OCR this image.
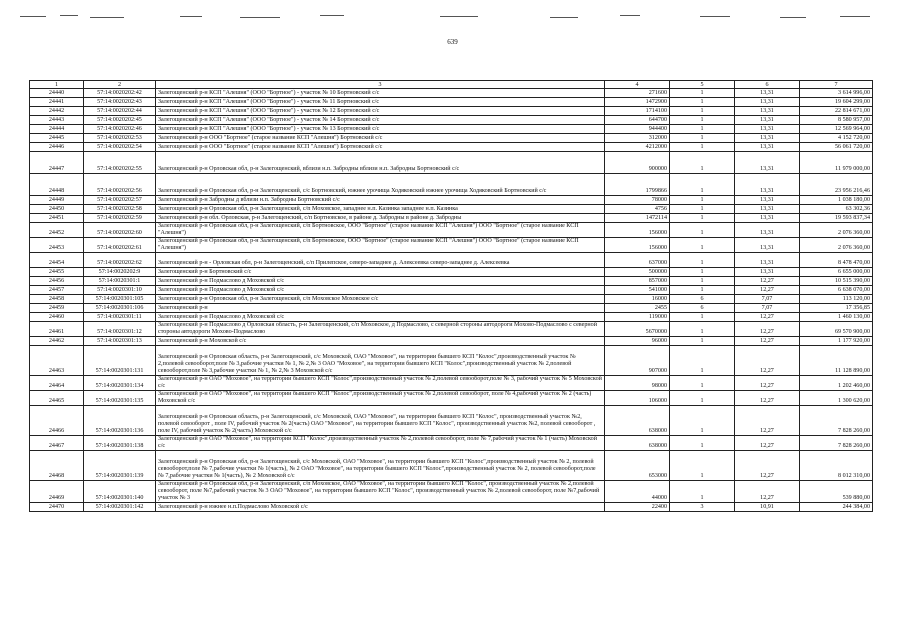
639
1	2	3	4	5	6	7
24440	57:14:0020202:42	Залегощенский р-н КСП "Алешня" (ООО "Бортное") - участок № 10 Бортновский с/с	271600	1	13,31	3 614 996,00
24441	57:14:0020202:43	Залегощенский р-н КСП "Алешня" (ООО "Бортное") - участок № 11 Бортновский с/с	1472900	1	13,31	19 604 299,00
24442	57:14:0020202:44	Залегощенский р-н КСП "Алешня" (ООО "Бортное") - участок № 12 Бортновский с/с	1714100	1	13,31	22 814 671,00
24443	57:14:0020202:45	Залегощенский р-н КСП "Алешня" (ООО "Бортное") - участок № 14 Бортновский с/с	644700	1	13,31	8 580 957,00
24444	57:14:0020202:46	Залегощенский р-н КСП "Алешня" (ООО "Бортное") - участок № 13 Бортновский с/с	944400	1	13,31	12 569 964,00
24445	57:14:0020202:53	Залегощенский р-н ООО "Бортное" (старое название КСП "Алешня") Бортновский с/с	312000	1	13,31	4 152 720,00
24446	57:14:0020202:54	Залегощенский р-н ООО "Бортное" (старое название КСП "Алешня") Бортновский с/с	4212000	1	13,31	56 061 720,00
24447	57:14:0020202:55	Залегощенский р-н Орловская обл, р-н Залегощенский, вблизи н.п. Забродны вблизи н.п. Забродны Бортновский с/с	900000	1	13,31	11 979 000,00
24448	57:14:0020202:56	Залегощенский р-н Орловская обл, р-н Залегощенский, с/с Бортновский, южнее урочища Ходяковский южнее урочища Ходяковский Бортновский с/с	1799866	1	13,31	23 956 216,46
24449	57:14:0020202:57	Залегощенский р-н Забродны д вблизи н.п. Забродны Бортновский с/с	78000	1	13,31	1 038 180,00
24450	57:14:0020202:58	Залегощенский р-н Орловская обл, р-н Залегощенский, с/п Моховское, западнее н.п. Казинка западнее н.п. Казинка	4756	1	13,31	63 302,36
24451	57:14:0020202:59	Залегощенский р-н обл. Орловская, р-н Залегощенский, с/п Бортновское, в районе д. Забродны в районе д. Забродны	1472114	1	13,31	19 593 837,34
24452	57:14:0020202:60	Залегощенский р-н Орловская обл, р-н Залегощенский, с/п Бортновское, ООО "Бортное" (старое название КСП "Алешня") ООО "Бортное" (старое название КСП "Алешня")	156000	1	13,31	2 076 360,00
24453	57:14:0020202:61	Залегощенский р-н Орловская обл, р-н Залегощенский, с/п Бортновское, ООО "Бортное" (старое название КСП "Алешня") ООО "Бортное" (старое название КСП "Алешня")	156000	1	13,31	2 076 360,00
24454	57:14:0020202:62	Залегощенский р-н - Орловская обл, р-н Залегощенский, с/п Прилепское, северо-западнее д. Алексеевка северо-западнее д. Алексеевка	637000	1	13,31	8 478 470,00
24455	57:14:0020202:9	Залегощенский р-н Бортновский с/с	500000	1	13,31	6 655 000,00
24456	57:14:0020301:1	Залегощенский р-н Подмаслово д Моховской с/с	857000	1	12,27	10 515 390,00
24457	57:14:0020301:10	Залегощенский р-н Подмаслово д Моховской с/с	541000	1	12,27	6 638 070,00
24458	57:14:0020301:105	Залегощенский р-н Орловская обл, р-н Залегощенский, с/п Моховское Моховское с/с	16000	6	7,07	113 120,00
24459	57:14:0020301:106	Залегощенский р-н	2455	6	7,07	17 356,85
24460	57:14:0020301:11	Залегощенский р-н Подмаслово д Моховской с/с	119000	1	12,27	1 460 130,00
24461	57:14:0020301:12	Залегощенский р-н Подмаслово д Орловская область, р-н Залегощенский, с/п Моховское, д Подмаслово, с северной стороны автодороги Мохово-Подмаслово с северной стороны автодороги Мохово-Подмаслово	5670000	1	12,27	69 570 900,00
24462	57:14:0020301:13	Залегощенский р-н Моховской с/с	96000	1	12,27	1 177 920,00
24463	57:14:0020301:131	Залегощенский р-н Орловская область, р-н Залегощенский, с/с Моховской, ОАО "Моховое", на территории бывшего КСП "Колос",производственный участок № 2,полевой севооборот,поле № 3,рабочие участки № 1, № 2,№ 3 ОАО "Моховое", на территории бывшего КСП "Колос",производственный участок № 2,полевой севооборот,поле № 3,рабочие участки № 1, № 2,№ 3 Моховской с/с	907000	1	12,27	11 128 890,00
24464	57:14:0020301:134	Залегощенский р-н ОАО "Моховое", на территории бывшего КСП "Колос",производственный участок № 2,полевой севооборот,поле № 3, рабочий участок № 5 Моховской с/с	98000	1	12,27	1 202 460,00
24465	57:14:0020301:135	Залегощенский р-н ОАО "Моховое", на территории бывшего КСП "Колос",производственный участок № 2,полевой севооборот, поле № 4,рабочий участок № 2 (часть) Моховской с/с	106000	1	12,27	1 300 620,00
24466	57:14:0020301:136	Залегощенский р-н Орловская область, р-н Залегощенский, с/с Моховской, ОАО "Моховое", на территории бывшего КСП "Колос", производственный участок №2, полевой севооборот , поле IV, рабочий участок № 2(часть) ОАО "Моховое", на территории бывшего КСП "Колос", производственный участок №2, полевой севооборот , поле IV, рабочий участок № 2(часть) Моховской с/с	638000	1	12,27	7 828 260,00
24467	57:14:0020301:138	Залегощенский р-н ОАО "Моховое", на территории КСП "Колос",производственный участок № 2,полевой севооборот, поле № 7,рабочий участок № 1 (часть) Моховской с/с	638000	1	12,27	7 828 260,00
24468	57:14:0020301:139	Залегощенский р-н Орловская обл, р-н Залегощенский, с/с Моховской, ОАО "Моховое", на территории бывшего КСП "Колос",производственный участок № 2, полевой севооборот,поле № 7,рабочие участки № 1(часть), № 2 ОАО "Моховое", на территории бывшего КСП "Колос",производственный участок № 2, полевой севооборот,поле № 7,рабочие участки № 1(часть), № 2 Моховской с/с	653000	1	12,27	8 012 310,00
24469	57:14:0020301:140	Залегощенский р-н Орловская обл, р-н Залегощенский, с/п Моховское, ОАО "Моховое", на территории бывшего КСП "Колос", производственный участок № 2,полевой севооборот, поле №7,рабочий участок № 3 ОАО "Моховое", на территории бывшего КСП "Колос", производственный участок № 2,полевой севооборот, поле №7,рабочий участок № 3	44000	1	12,27	539 880,00
24470	57:14:0020301:142	Залегощенский р-н южнее н.п.Подмаслово Моховской с/с	22400	3	10,91	244 384,00
